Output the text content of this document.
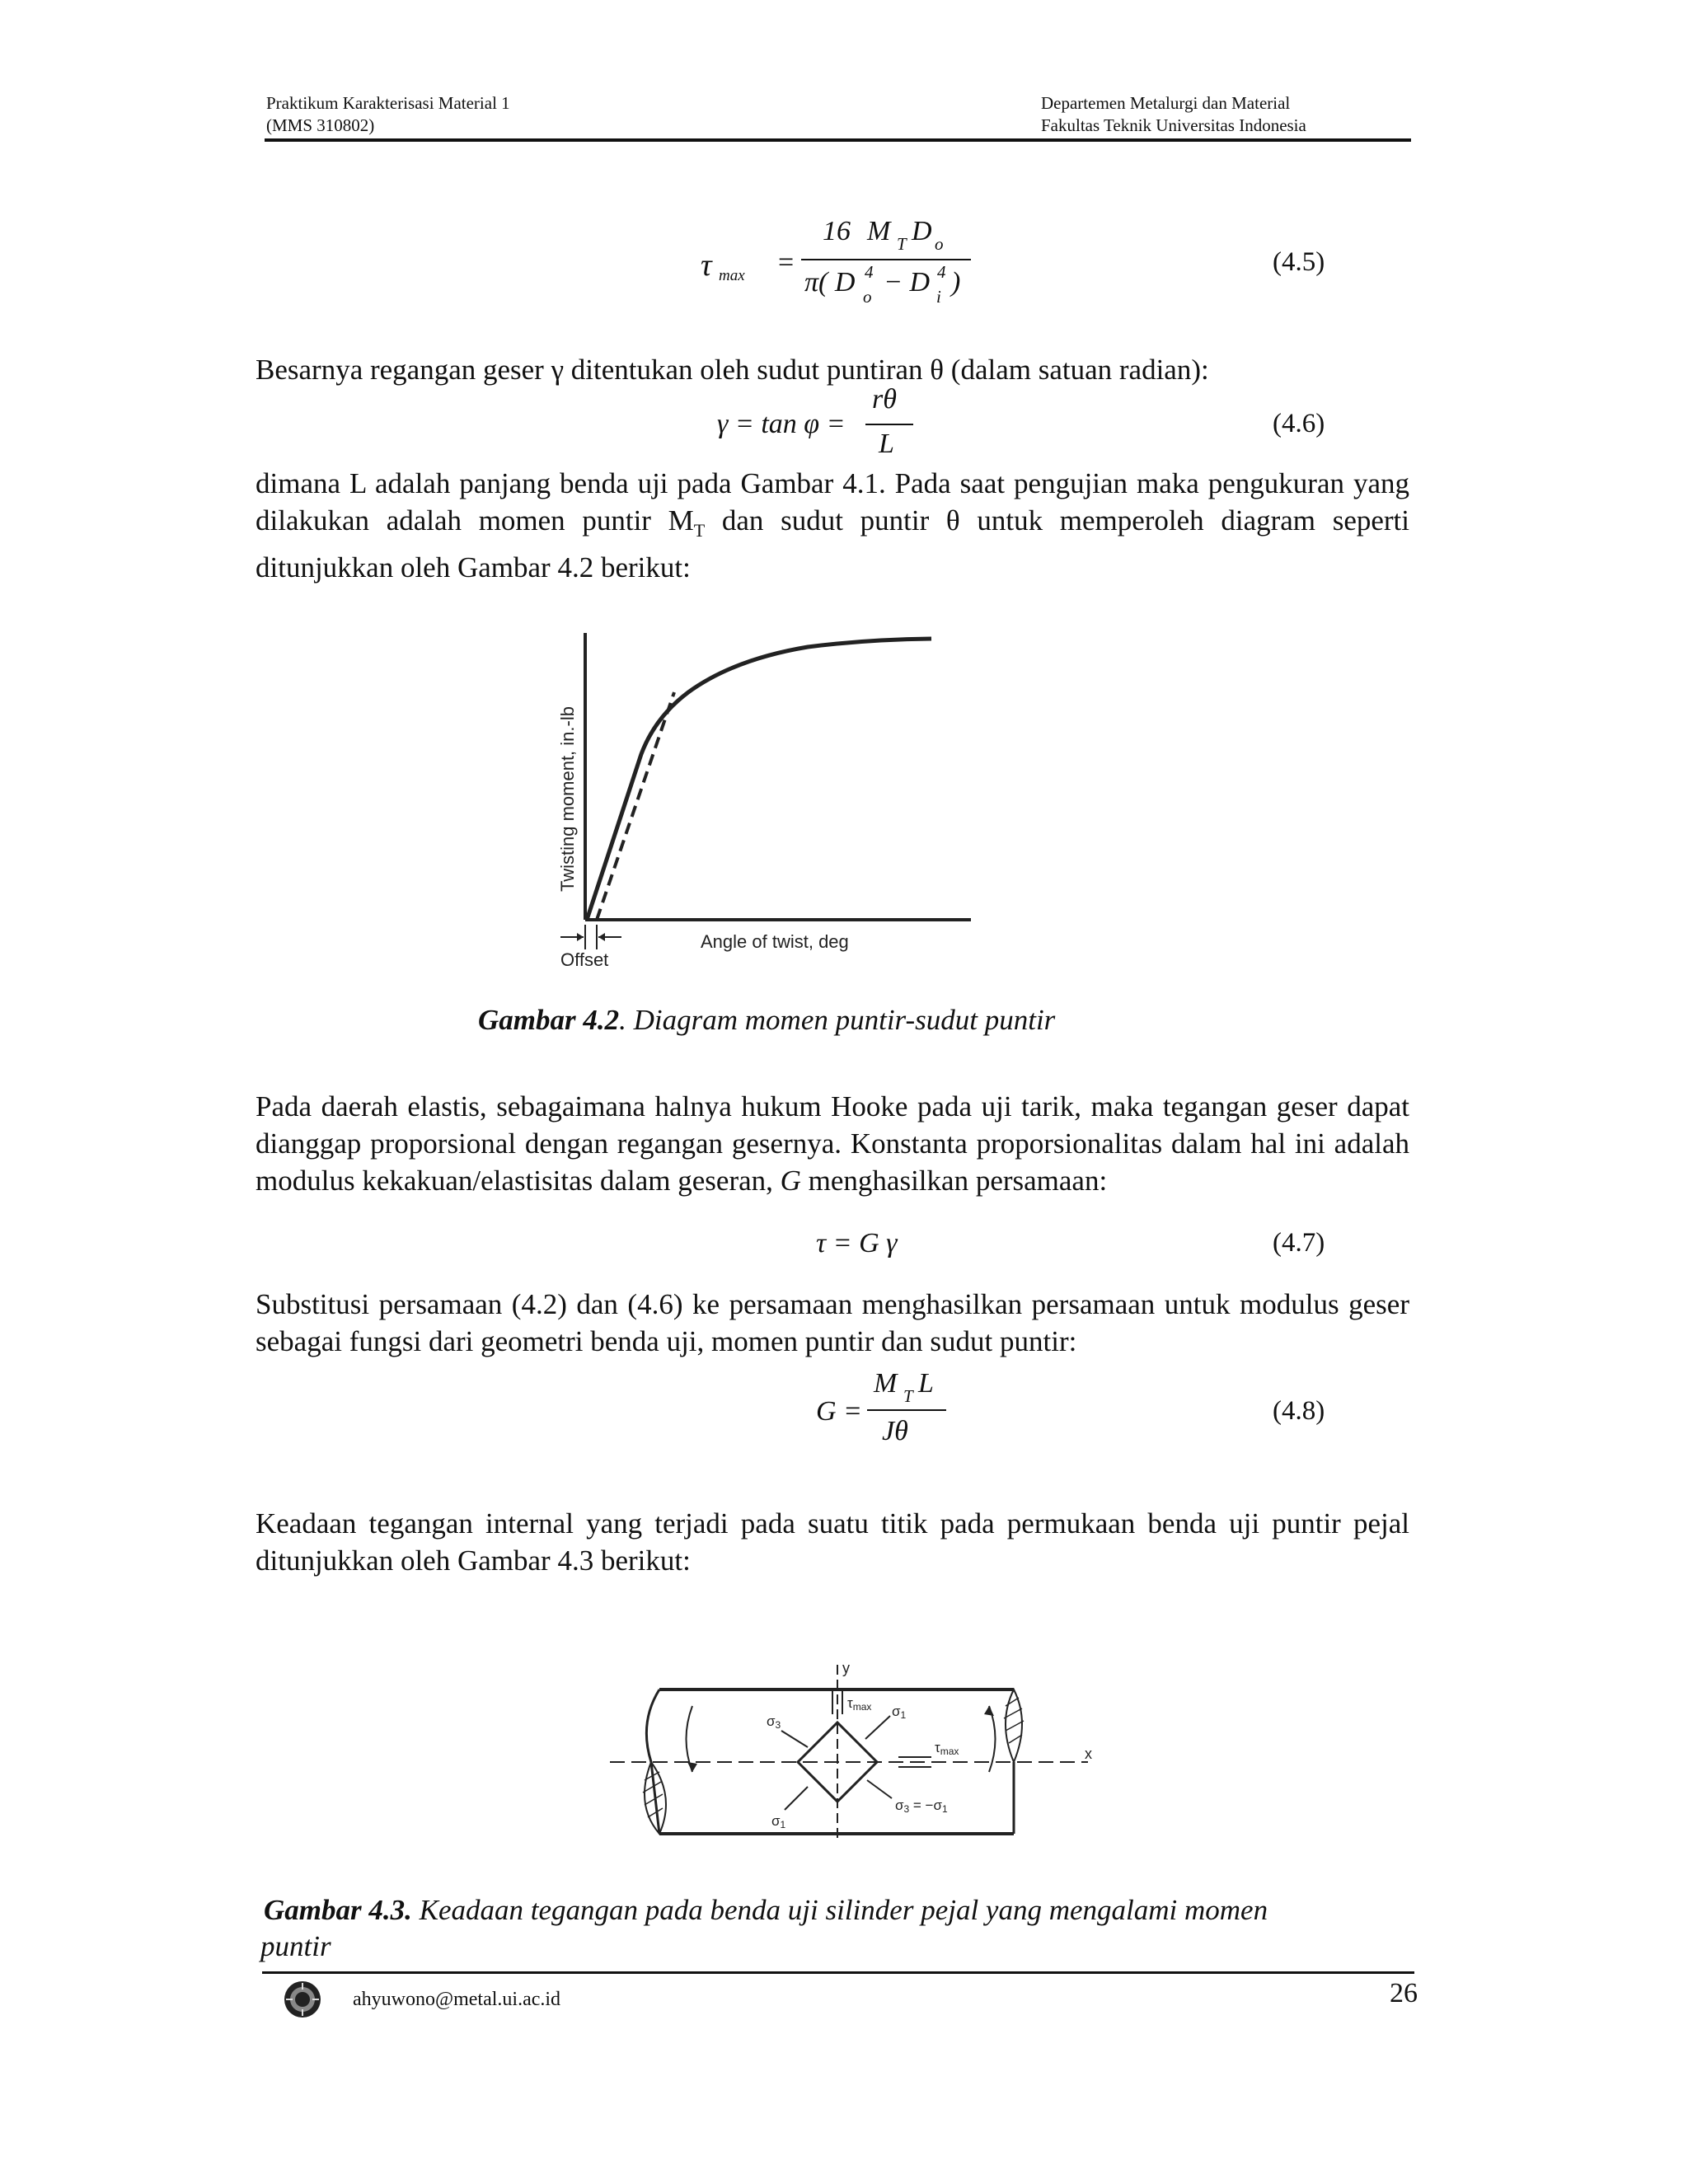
Praktikum Karakterisasi Material 1
(MMS 310802)
Departemen Metalurgi dan Material
Fakultas Teknik Universitas Indonesia
τ max =
16 M T D o
π( D 4
o − D 4
i )
(4.5)
Besarnya regangan geser γ ditentukan oleh sudut puntiran θ (dalam satuan radian):
γ = tan φ =
rθ
L
(4.6)
dimana L adalah panjang benda uji pada Gambar 4.1. Pada saat pengujian maka pengukuran yang dilakukan adalah momen puntir $M_T$ dan sudut puntir θ untuk memperoleh diagram seperti ditunjukkan oleh Gambar 4.2 berikut:
Offset
Angle of twist, deg
Twisting moment, in.-lb
Gambar 4.2. Diagram momen puntir-sudut puntir
Pada daerah elastis, sebagaimana halnya hukum Hooke pada uji tarik, maka tegangan geser dapat dianggap proporsional dengan regangan gesernya. Konstanta proporsionalitas dalam hal ini adalah modulus kekakuan/elastisitas dalam geseran, G menghasilkan persamaan:
τ = G γ	(4.7)
Substitusi persamaan (4.2) dan (4.6) ke persamaan menghasilkan persamaan untuk modulus geser sebagai fungsi dari geometri benda uji, momen puntir dan sudut puntir:
G =
M T L
Jθ
(4.8)
Keadaan tegangan internal yang terjadi pada suatu titik pada permukaan benda uji puntir pejal ditunjukkan oleh Gambar 4.3 berikut:
y
x
τmax
τmax
σ3
σ1
σ1
σ3 = −σ1
Gambar 4.3. Keadaan tegangan pada benda uji silinder pejal yang mengalami momen
puntir
ahyuwono@metal.ui.ac.id	26
